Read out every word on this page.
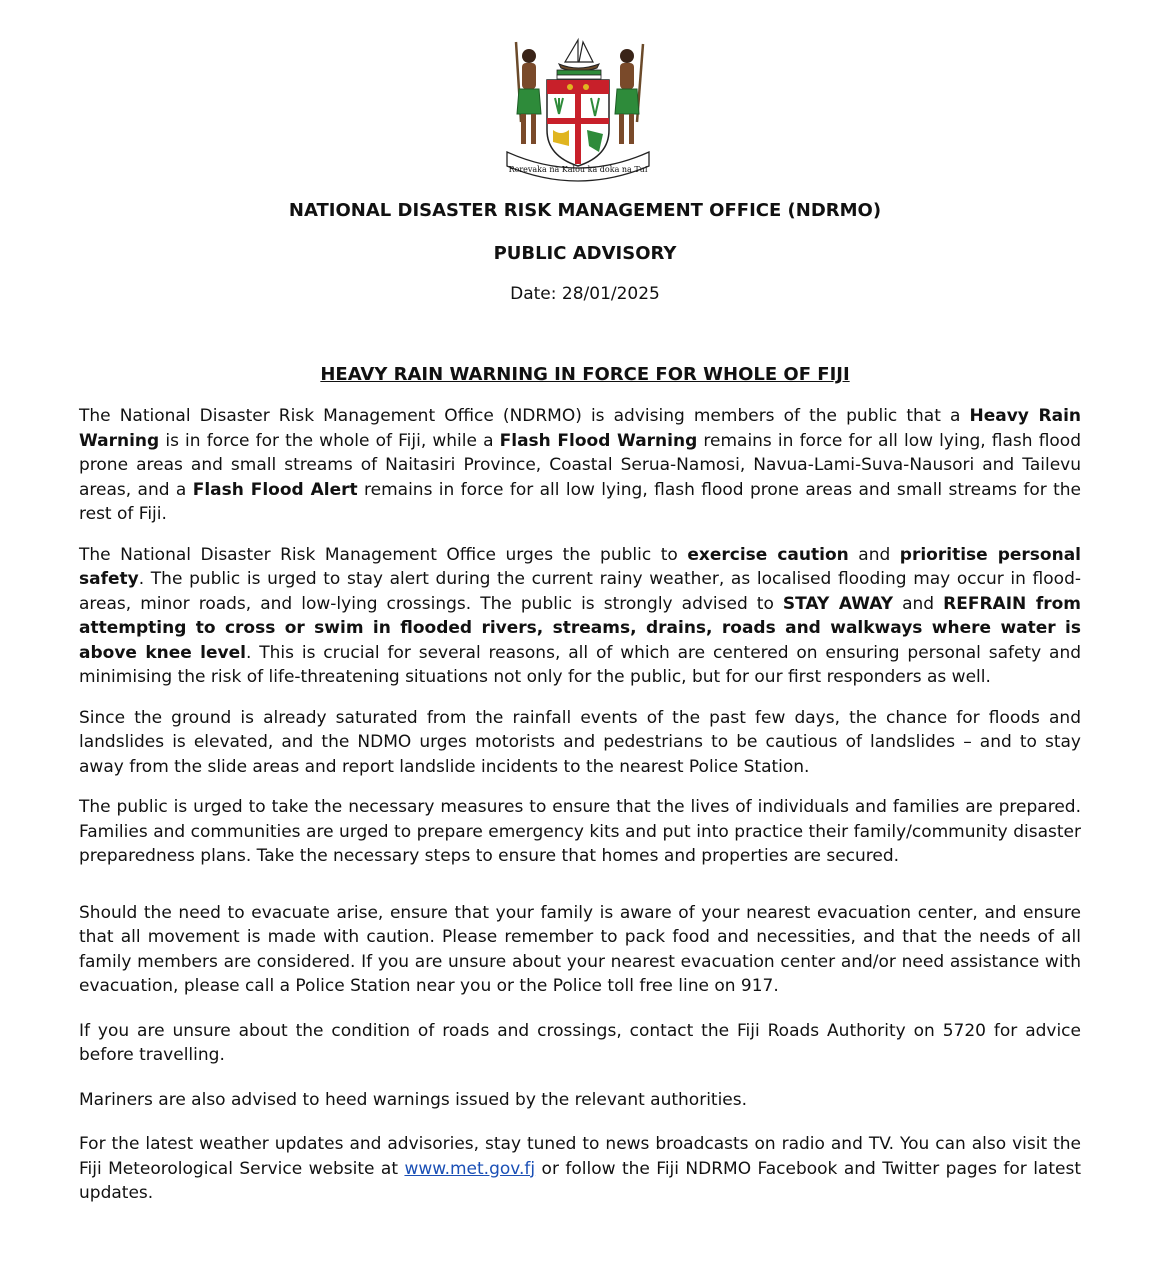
Rerevaka na Kalou ka doka na Tui
NATIONAL DISASTER RISK MANAGEMENT OFFICE (NDRMO)
PUBLIC ADVISORY
Date: 28/01/2025
HEAVY RAIN WARNING IN FORCE FOR WHOLE OF FIJI

The National Disaster Risk Management Office (NDRMO) is advising members of the public that a Heavy Rain Warning is in force for the whole of Fiji, while a Flash Flood Warning remains in force for all low lying, flash flood prone areas and small streams of Naitasiri Province, Coastal Serua-Namosi, Navua-Lami-Suva-Nausori and Tailevu areas, and a Flash Flood Alert remains in force for all low lying, flash flood prone areas and small streams for the rest of Fiji.

The National Disaster Risk Management Office urges the public to exercise caution and prioritise personal safety. The public is urged to stay alert during the current rainy weather, as localised flooding may occur in flood-areas, minor roads, and low-lying crossings. The public is strongly advised to STAY AWAY and REFRAIN from attempting to cross or swim in flooded rivers, streams, drains, roads and walkways where water is above knee level. This is crucial for several reasons, all of which are centered on ensuring personal safety and minimising the risk of life-threatening situations not only for the public, but for our first responders as well.

Since the ground is already saturated from the rainfall events of the past few days, the chance for floods and landslides is elevated, and the NDMO urges motorists and pedestrians to be cautious of landslides – and to stay away from the slide areas and report landslide incidents to the nearest Police Station.

The public is urged to take the necessary measures to ensure that the lives of individuals and families are prepared. Families and communities are urged to prepare emergency kits and put into practice their family/community disaster preparedness plans. Take the necessary steps to ensure that homes and properties are secured.

Should the need to evacuate arise, ensure that your family is aware of your nearest evacuation center, and ensure that all movement is made with caution. Please remember to pack food and necessities, and that the needs of all family members are considered. If you are unsure about your nearest evacuation center and/or need assistance with evacuation, please call a Police Station near you or the Police toll free line on 917.

If you are unsure about the condition of roads and crossings, contact the Fiji Roads Authority on 5720 for advice before travelling.

Mariners are also advised to heed warnings issued by the relevant authorities.

For the latest weather updates and advisories, stay tuned to news broadcasts on radio and TV. You can also visit the Fiji Meteorological Service website at www.met.gov.fj or follow the Fiji NDRMO Facebook and Twitter pages for latest updates.
